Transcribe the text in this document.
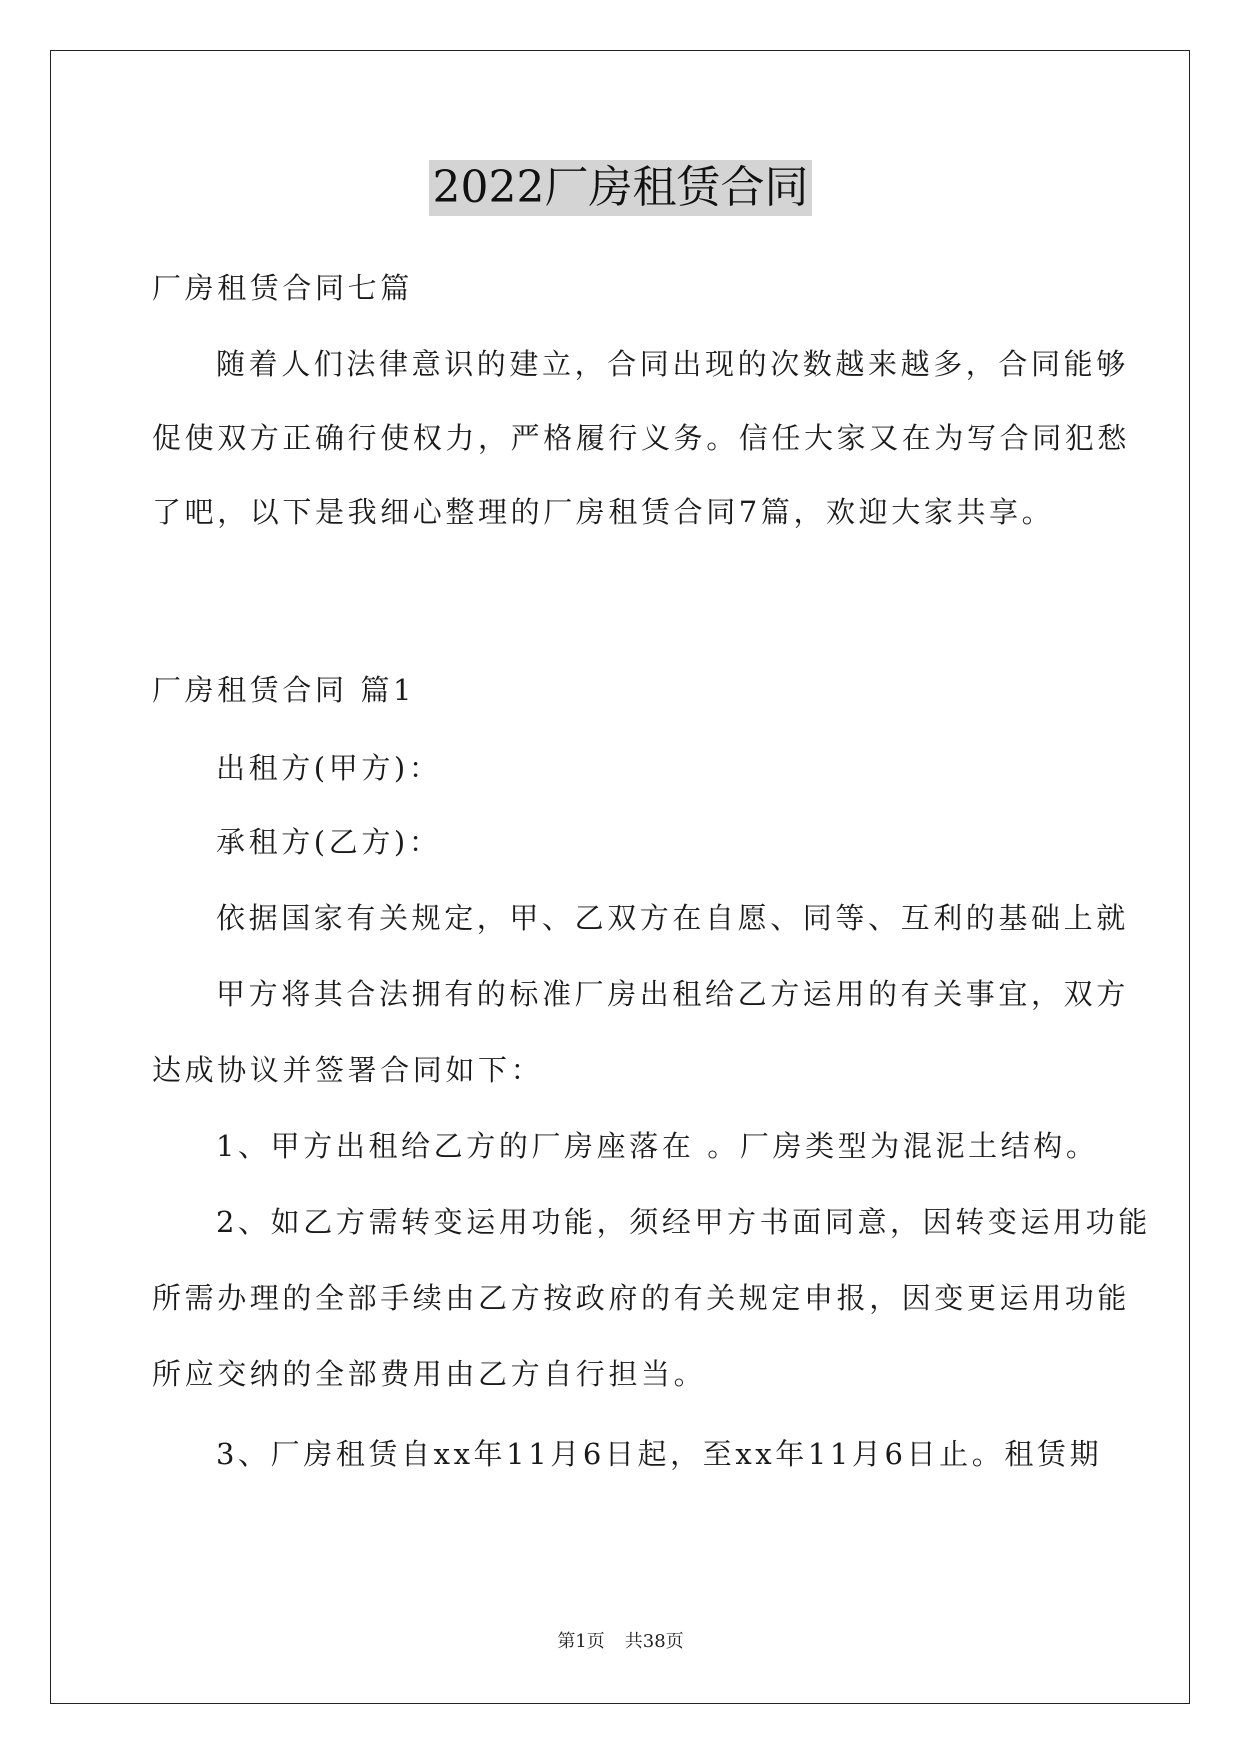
2022厂房租赁合同
厂房租赁合同七篇
随着人们法律意识的建立，合同出现的次数越来越多，合同能够
促使双方正确行使权力，严格履行义务。信任大家又在为写合同犯愁
了吧，以下是我细心整理的厂房租赁合同7篇，欢迎大家共享。
厂房租赁合同 篇1
出租方(甲方)：
承租方(乙方)：
依据国家有关规定，甲、乙双方在自愿、同等、互利的基础上就
甲方将其合法拥有的标准厂房出租给乙方运用的有关事宜，双方
达成协议并签署合同如下：
1、甲方出租给乙方的厂房座落在 。厂房类型为混泥土结构。
2、如乙方需转变运用功能，须经甲方书面同意，因转变运用功能
所需办理的全部手续由乙方按政府的有关规定申报，因变更运用功能
所应交纳的全部费用由乙方自行担当。
3、厂房租赁自xx年11月6日起，至xx年11月6日止。租赁期
第1页 共38页
